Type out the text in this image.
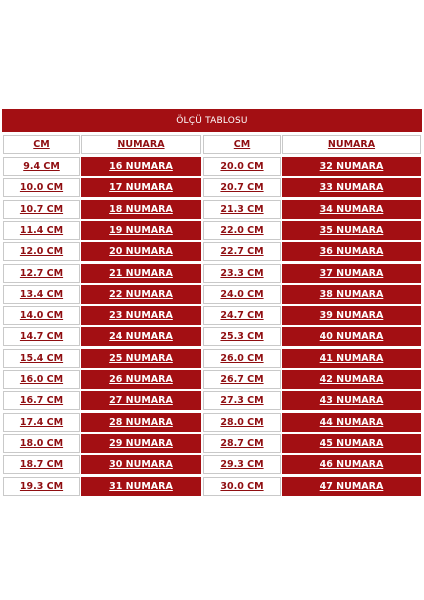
ÖLÇÜ TABLOSU
CM	NUMARA	CM	NUMARA
9.4 CM	16 NUMARA	20.0 CM	32 NUMARA
10.0 CM	17 NUMARA	20.7 CM	33 NUMARA
10.7 CM	18 NUMARA	21.3 CM	34 NUMARA
11.4 CM	19 NUMARA	22.0 CM	35 NUMARA
12.0 CM	20 NUMARA	22.7 CM	36 NUMARA
12.7 CM	21 NUMARA	23.3 CM	37 NUMARA
13.4 CM	22 NUMARA	24.0 CM	38 NUMARA
14.0 CM	23 NUMARA	24.7 CM	39 NUMARA
14.7 CM	24 NUMARA	25.3 CM	40 NUMARA
15.4 CM	25 NUMARA	26.0 CM	41 NUMARA
16.0 CM	26 NUMARA	26.7 CM	42 NUMARA
16.7 CM	27 NUMARA	27.3 CM	43 NUMARA
17.4 CM	28 NUMARA	28.0 CM	44 NUMARA
18.0 CM	29 NUMARA	28.7 CM	45 NUMARA
18.7 CM	30 NUMARA	29.3 CM	46 NUMARA
19.3 CM	31 NUMARA	30.0 CM	47 NUMARA
